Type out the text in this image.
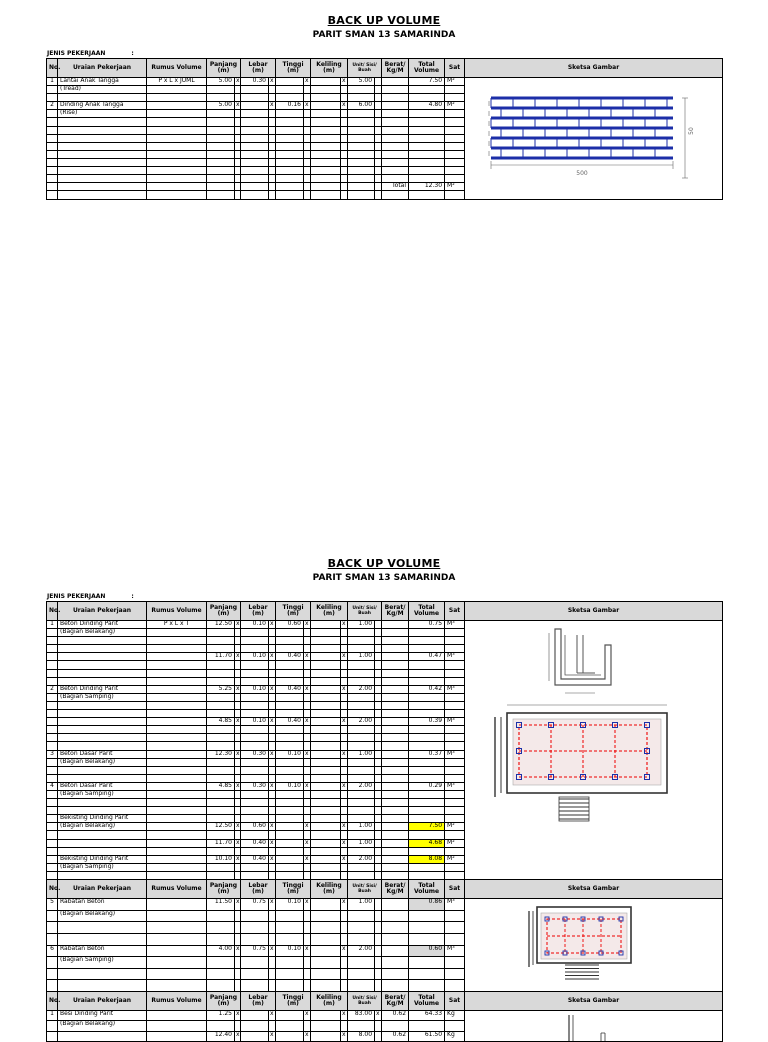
BACK UP VOLUME
PARIT SMAN 13 SAMARINDA
JENIS PEKERJAAN	:
No.	Uraian Pekerjaan	Rumus Volume	Panjang (m)		Lebar (m)		Tinggi (m)		Keliling (m)		Unit/ Sisi/ Buah		Berat/ Kg/M	Total Volume	Sat	Sketsa Gambar
1	Lantai Anak Tangga	P x L x JUML	5.00	x	0.30	x		x		x	5.00			7.50	M²	500
50

	(Tread)															

2	Dinding Anak Tangga		5.00	x		x	0.16	x		x	6.00			4.80	M²	
	(Rise)															

													Total	12.30	M²	

BACK UP VOLUME
PARIT SMAN 13 SAMARINDA
JENIS PEKERJAAN	:
No.	Uraian Pekerjaan	Rumus Volume	Panjang (m)		Lebar (m)		Tinggi (m)		Keliling (m)		Unit/ Sisi/ Buah		Berat/ Kg/M	Total Volume	Sat	Sketsa Gambar
1	Beton Dinding Parit	P x L x T	12.50	x	0.10	x	0.60	x		x	1.00			0.75	M³	

	(Bagian Belakang)															

			11.70	x	0.10	x	0.40	x		x	1.00			0.47	M³	

2	Beton Dinding Parit		5.25	x	0.10	x	0.40	x		x	2.00			0.42	M³	
	(Bagian Samping)															

			4.85	x	0.10	x	0.40	x		x	2.00			0.39	M³	

3	Beton Dasar Parit		12.30	x	0.30	x	0.10	x		x	1.00			0.37	M³	
	(Bagian Belakang)															

4	Beton Dasar Parit		4.85	x	0.30	x	0.10	x		x	2.00			0.29	M³	
	(Bagian Samping)															

	Bekisting Dinding Parit															
	(Bagian Belakang)		12.50	x	0.60	x		x		x	1.00			7.50	M²	

			11.70	x	0.40	x		x		x	1.00			4.68	M²	

	Bekisting Dinding Parit		10.10	x	0.40	x		x		x	2.00			8.08	M²	
	(Bagian Samping)															

No.	Uraian Pekerjaan	Rumus Volume	Panjang (m)		Lebar (m)		Tinggi (m)		Keliling (m)		Unit/ Sisi/ Buah		Berat/ Kg/M	Total Volume	Sat	Sketsa Gambar
5	Rabatan Beton		11.50	x	0.75	x	0.10	x		x	1.00			0.86	M³	

	(Bagian Belakang)															

6	Rabatan Beton		4.00	x	0.75	x	0.10	x		x	2.00			0.60	M³	
	(Bagian Samping)															

No.	Uraian Pekerjaan	Rumus Volume	Panjang (m)		Lebar (m)		Tinggi (m)		Keliling (m)		Unit/ Sisi/ Buah		Berat/ Kg/M	Total Volume	Sat	Sketsa Gambar
1	Besi Dinding Parit		1.25	x		x		x		x	83.00	x	0.62	64.33	Kg	

	(Bagian Belakang)															
			12.40	x		x		x		x	8.00		0.62	61.50	Kg	
